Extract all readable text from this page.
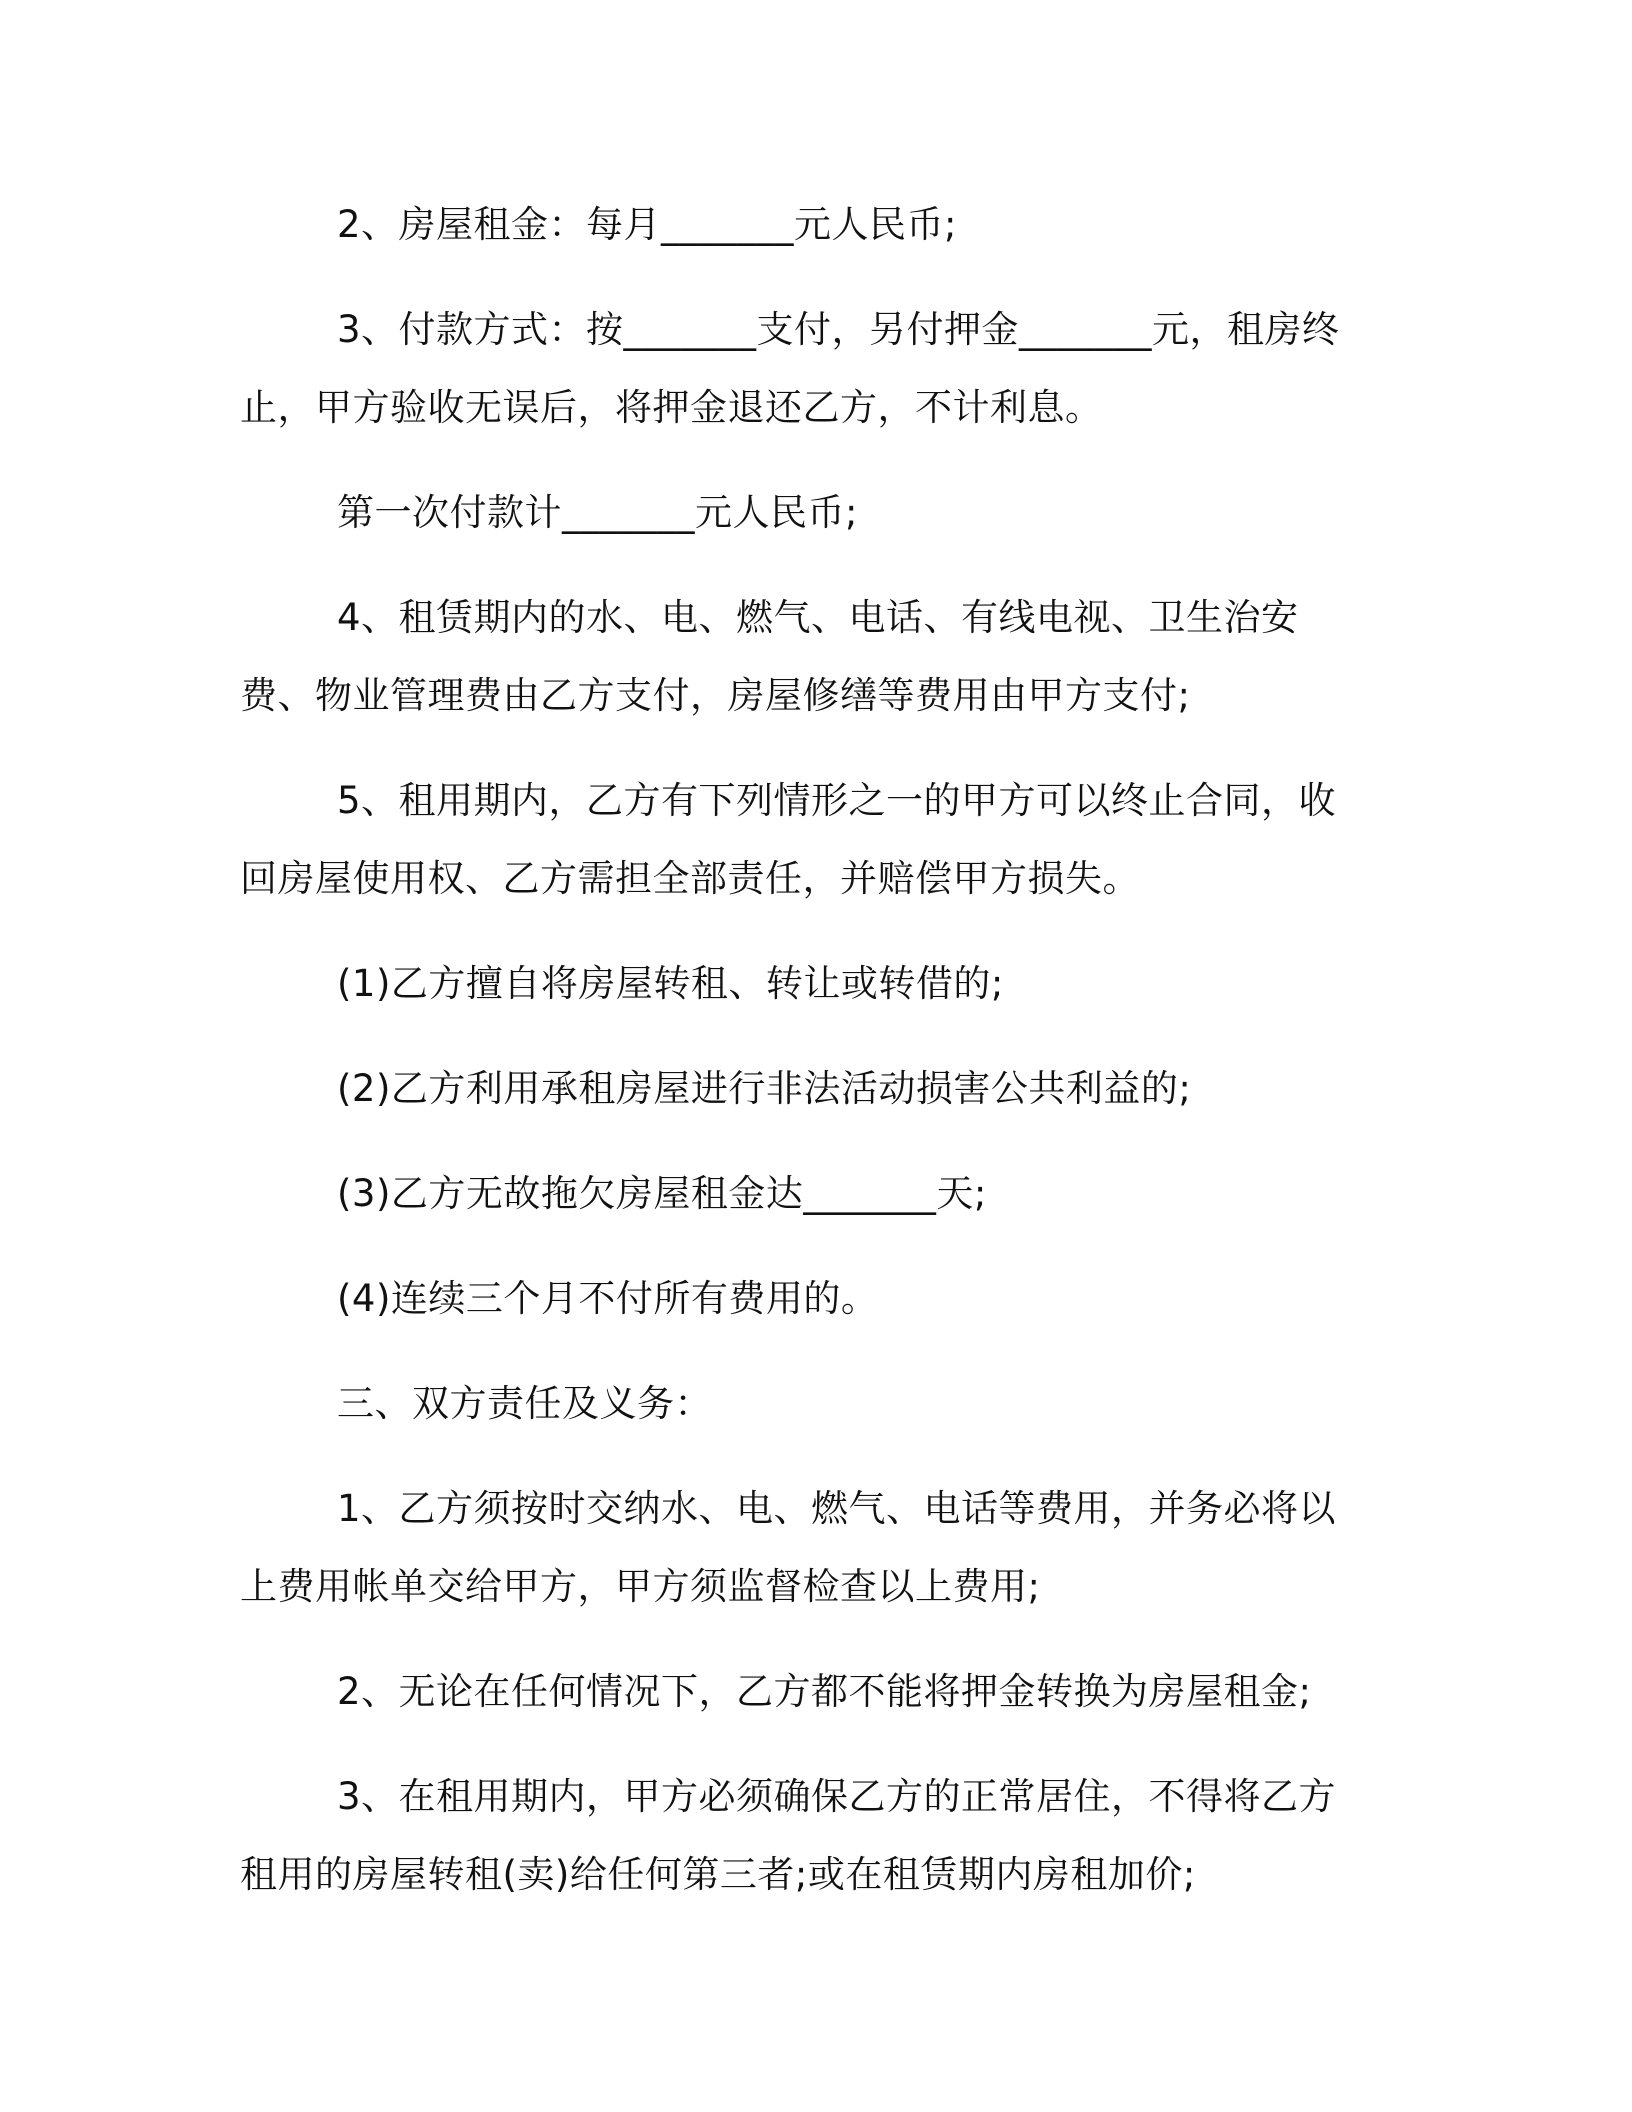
2、房屋租金：每月_______元人民币;

3、付款方式：按_______支付，另付押金_______元，租房终止，甲方验收无误后，将押金退还乙方，不计利息。

第一次付款计_______元人民币;

4、租赁期内的水、电、燃气、电话、有线电视、卫生治安费、物业管理费由乙方支付，房屋修缮等费用由甲方支付;

5、租用期内，乙方有下列情形之一的甲方可以终止合同，收回房屋使用权、乙方需担全部责任，并赔偿甲方损失。

(1)乙方擅自将房屋转租、转让或转借的;

(2)乙方利用承租房屋进行非法活动损害公共利益的;

(3)乙方无故拖欠房屋租金达_______天;

(4)连续三个月不付所有费用的。

三、双方责任及义务：

1、乙方须按时交纳水、电、燃气、电话等费用，并务必将以上费用帐单交给甲方，甲方须监督检查以上费用;

2、无论在任何情况下，乙方都不能将押金转换为房屋租金;

3、在租用期内，甲方必须确保乙方的正常居住，不得将乙方租用的房屋转租(卖)给任何第三者;或在租赁期内房租加价;
